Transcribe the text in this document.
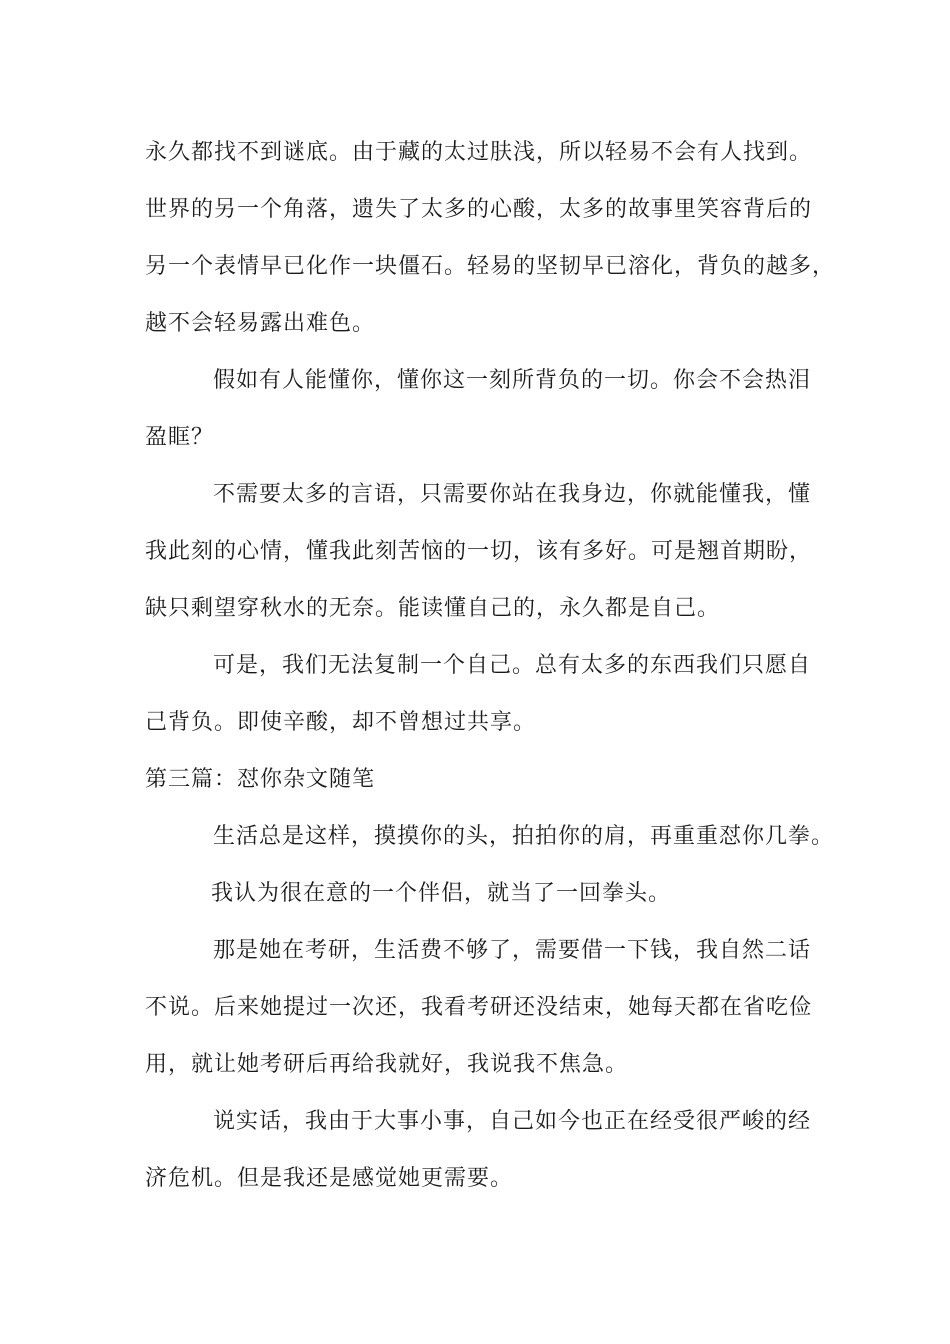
永久都找不到谜底。由于藏的太过肤浅，所以轻易不会有人找到。
世界的另一个角落，遗失了太多的心酸，太多的故事里笑容背后的
另一个表情早已化作一块僵石。轻易的坚韧早已溶化，背负的越多，
越不会轻易露出难色。
假如有人能懂你，懂你这一刻所背负的一切。你会不会热泪
盈眶？
不需要太多的言语，只需要你站在我身边，你就能懂我，懂
我此刻的心情，懂我此刻苦恼的一切，该有多好。可是翘首期盼，
缺只剩望穿秋水的无奈。能读懂自己的，永久都是自己。
可是，我们无法复制一个自己。总有太多的东西我们只愿自
己背负。即使辛酸，却不曾想过共享。
第三篇：怼你杂文随笔
生活总是这样，摸摸你的头，拍拍你的肩，再重重怼你几拳。
我认为很在意的一个伴侣，就当了一回拳头。
那是她在考研，生活费不够了，需要借一下钱，我自然二话
不说。后来她提过一次还，我看考研还没结束，她每天都在省吃俭
用，就让她考研后再给我就好，我说我不焦急。
说实话，我由于大事小事，自己如今也正在经受很严峻的经
济危机。但是我还是感觉她更需要。
